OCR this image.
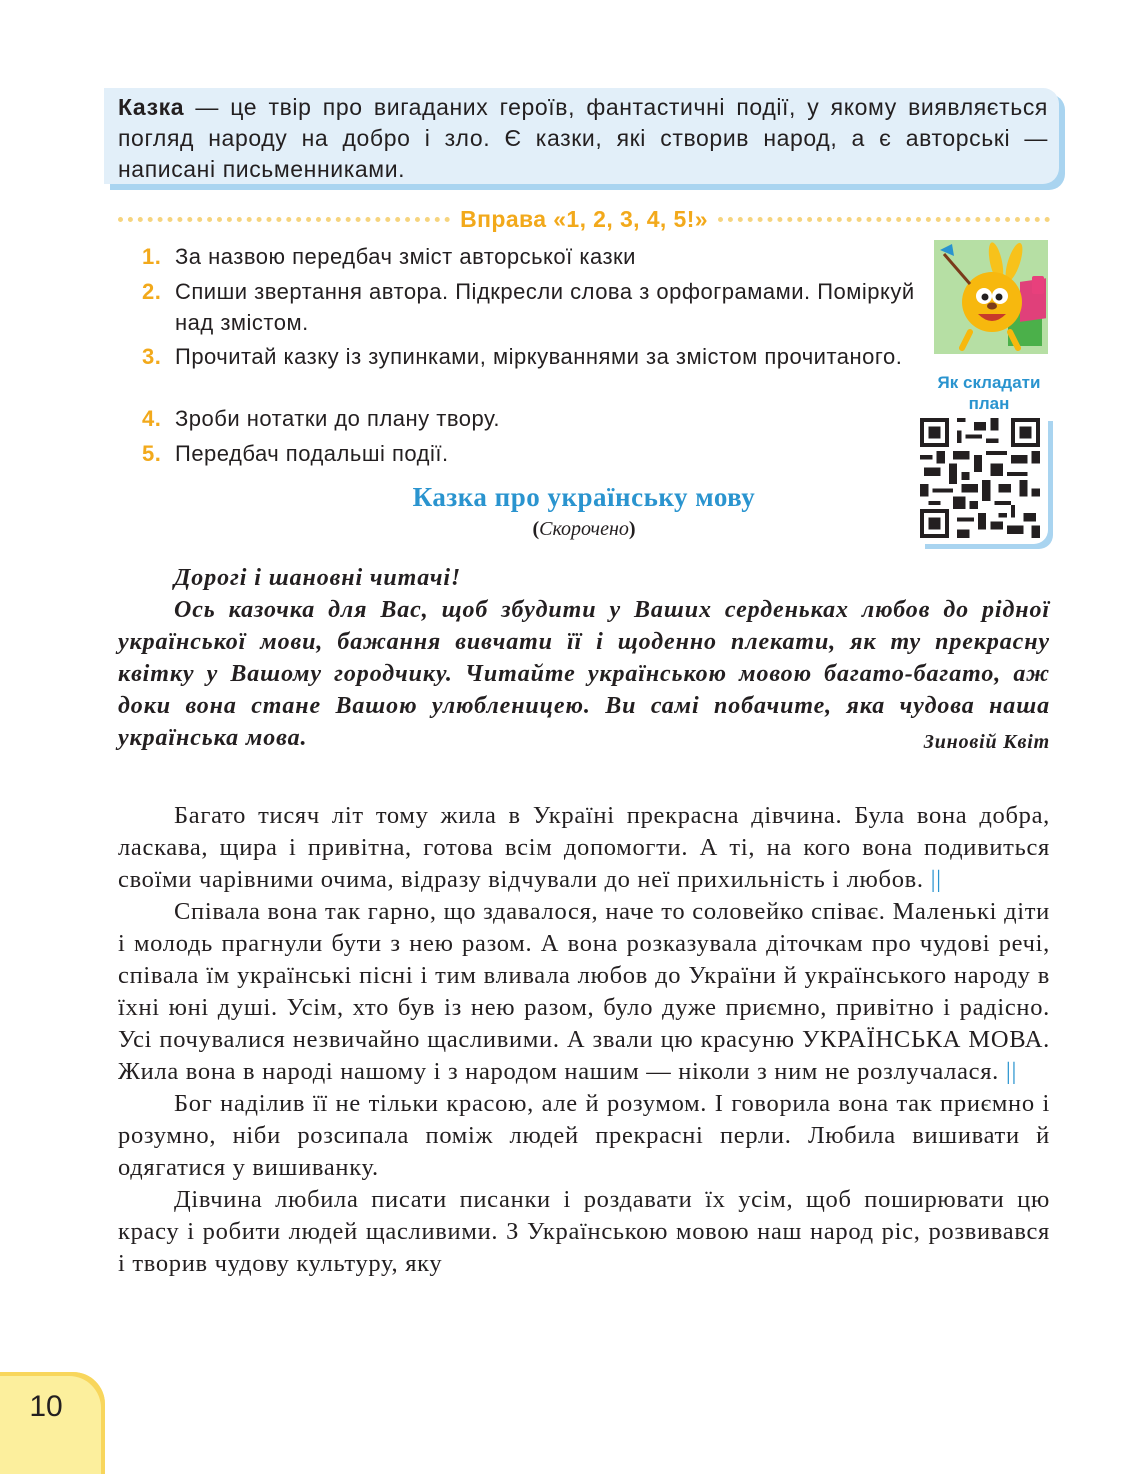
Казка — це твір про вигаданих героїв, фантастичні події, у якому виявляється погляд народу на добро і зло. Є казки, які створив народ, а є авторські — написані письменниками.
Вправа «1, 2, 3, 4, 5!»
1. За назвою передбач зміст авторської казки
2. Спиши звертання автора. Підкресли слова з орфограмами. Поміркуй над змістом.
3. Прочитай казку із зупинками, міркуваннями за змістом прочитаного.
4. Зроби нотатки до плану твору.
5. Передбач подальші події.
Як складати план
Казка про українську мову
(Скорочено)
Дорогі і шановні читачі!
Ось казочка для Вас, щоб збудити у Ваших серденьках любов до рідної української мови, бажання вивчати її і щоденно плекати, як ту прекрасну квітку у Вашому городчику. Читайте українською мовою багато-багато, аж доки вона стане Вашою улюбленицею. Ви самі побачите, яка чудова наша українська мова.	Зиновій Квіт

Багато тисяч літ тому жила в Україні прекрасна дівчина. Була вона добра, ласкава, щира і привітна, готова всім допомогти. А ті, на кого вона подивиться своїми чарівними очима, відразу відчували до неї прихильність і любов. ||

Співала вона так гарно, що здавалося, наче то соловейко співає. Маленькі діти і молодь прагнули бути з нею разом. А вона розказувала діточкам про чудові речі, співала їм українські пісні і тим вливала любов до України й українського народу в їхні юні душі. Усім, хто був із нею разом, було дуже приємно, привітно і радісно. Усі почувалися незвичайно щасливими. А звали цю красуню УКРАЇНСЬКА МОВА. Жила вона в народі нашому і з народом нашим — ніколи з ним не розлучалася. ||

Бог наділив її не тільки красою, але й розумом. І говорила вона так приємно і розумно, ніби розсипала поміж людей прекрасні перли. Любила вишивати й одягатися у вишиванку.

Дівчина любила писати писанки і роздавати їх усім, щоб поширювати цю красу і робити людей щасливими. З Українською мовою наш народ ріс, розвивався і творив чудову культуру, яку

10
